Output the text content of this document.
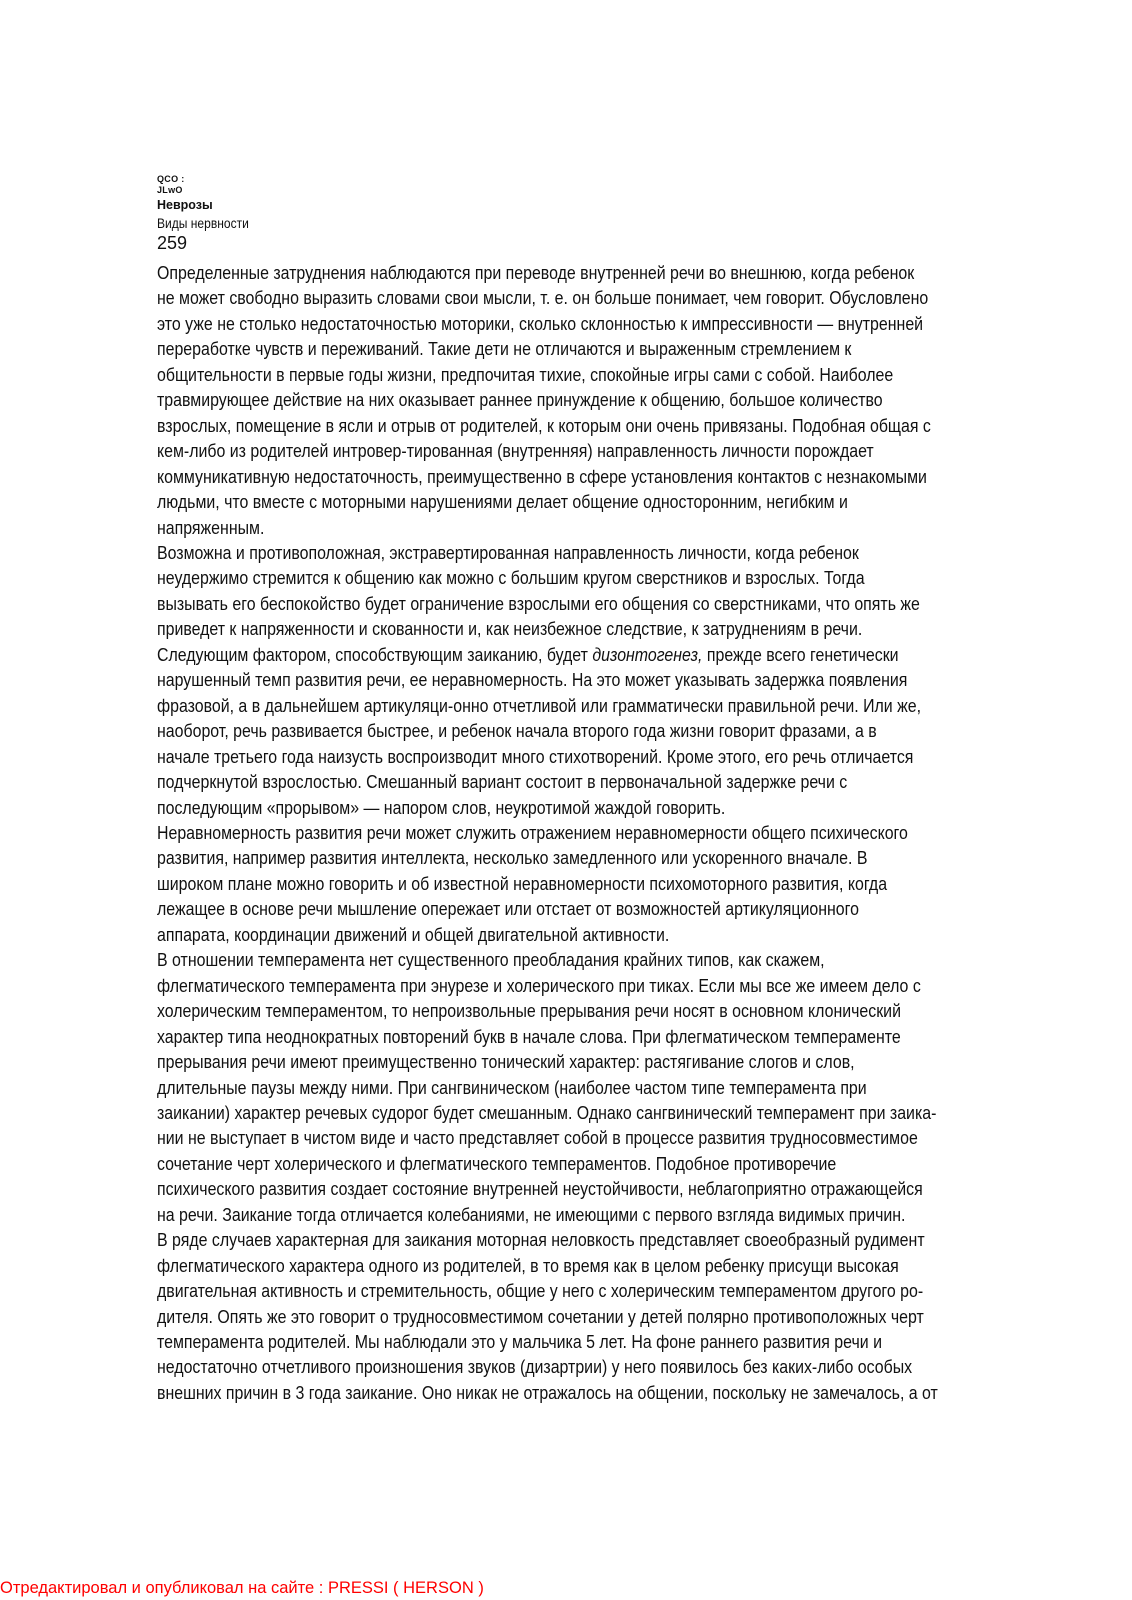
QCO :

JLwO

Неврозы

Виды нервности

259

Определенные затруднения наблюдаются при переводе внутренней речи во внешнюю, когда ребенок
не может свободно выразить словами свои мысли, т. е. он больше понимает, чем говорит. Обусловлено
это уже не столько недостаточностью моторики, сколько склонностью к импрессивности — внутренней
переработке чувств и переживаний. Такие дети не отличаются и выраженным стремлением к
общительности в первые годы жизни, предпочитая тихие, спокойные игры сами с собой. Наиболее
травмирующее действие на них оказывает раннее принуждение к общению, большое количество
взрослых, помещение в ясли и отрыв от родителей, к которым они очень привязаны. Подобная общая с
кем-либо из родителей интровер-тированная (внутренняя) направленность личности порождает
коммуникативную недостаточность, преимущественно в сфере установления контактов с незнакомыми
людьми, что вместе с моторными нарушениями делает общение односторонним, негибким и
напряженным.

Возможна и противоположная, экстравертированная направленность личности, когда ребенок
неудержимо стремится к общению как можно с большим кругом сверстников и взрослых. Тогда
вызывать его беспокойство будет ограничение взрослыми его общения со сверстниками, что опять же
приведет к напряженности и скованности и, как неизбежное следствие, к затруднениям в речи.

Следующим фактором, способствующим заиканию, будет дизонтогенез, прежде всего генетически
нарушенный темп развития речи, ее неравномерность. На это может указывать задержка появления
фразовой, а в дальнейшем артикуляци-онно отчетливой или грамматически правильной речи. Или же,
наоборот, речь развивается быстрее, и ребенок начала второго года жизни говорит фразами, а в
начале третьего года наизусть воспроизводит много стихотворений. Кроме этого, его речь отличается
подчеркнутой взрослостью. Смешанный вариант состоит в первоначальной задержке речи с
последующим «прорывом» — напором слов, неукротимой жаждой говорить.

Неравномерность развития речи может служить отражением неравномерности общего психического
развития, например развития интеллекта, несколько замедленного или ускоренного вначале. В
широком плане можно говорить и об известной неравномерности психомоторного развития, когда
лежащее в основе речи мышление опережает или отстает от возможностей артикуляционного
аппарата, координации движений и общей двигательной активности.

В отношении темперамента нет существенного преобладания крайних типов, как скажем,
флегматического темперамента при энурезе и холерического при тиках. Если мы все же имеем дело с
холерическим темпераментом, то непроизвольные прерывания речи носят в основном клонический
характер типа неоднократных повторений букв в начале слова. При флегматическом темпераменте
прерывания речи имеют преимущественно тонический характер: растягивание слогов и слов,
длительные паузы между ними. При сангвиническом (наиболее частом типе темперамента при
заикании) характер речевых судорог будет смешанным. Однако сангвинический темперамент при заика-
нии не выступает в чистом виде и часто представляет собой в процессе развития трудносовместимое
сочетание черт холерического и флегматического темпераментов. Подобное противоречие
психического развития создает состояние внутренней неустойчивости, неблагоприятно отражающейся
на речи. Заикание тогда отличается колебаниями, не имеющими с первого взгляда видимых причин.

В ряде случаев характерная для заикания моторная неловкость представляет своеобразный рудимент
флегматического характера одного из родителей, в то время как в целом ребенку присущи высокая
двигательная активность и стремительность, общие у него с холерическим темпераментом другого ро-
дителя. Опять же это говорит о трудносовместимом сочетании у детей полярно противоположных черт
темперамента родителей. Мы наблюдали это у мальчика 5 лет. На фоне раннего развития речи и
недостаточно отчетливого произношения звуков (дизартрии) у него появилось без каких-либо особых
внешних причин в 3 года заикание. Оно никак не отражалось на общении, поскольку не замечалось, а от

Отредактировал и опубликовал на сайте : PRESSI ( HERSON )
